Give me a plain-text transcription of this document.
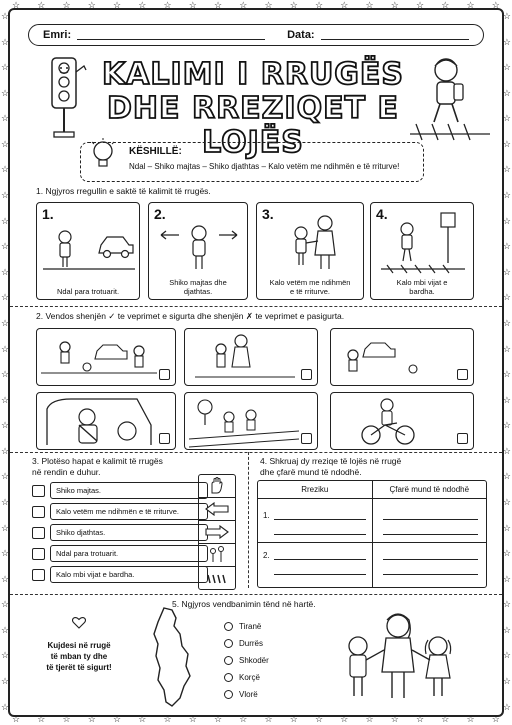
☆ ☆ ☆ ☆ ☆ ☆ ☆ ☆ ☆ ☆ ☆ ☆ ☆ ☆ ☆ ☆ ☆ ☆ ☆ ☆
☆ ☆ ☆ ☆ ☆ ☆ ☆ ☆ ☆ ☆ ☆ ☆ ☆ ☆ ☆ ☆ ☆ ☆ ☆ ☆
☆
☆
☆
☆
☆
☆
☆
☆
☆
☆
☆
☆
☆
☆
☆
☆
☆
☆
☆
☆
☆
☆
☆
☆
☆
☆
☆
☆
☆
☆
☆
☆
☆
☆
☆
☆
☆
☆
☆
☆
☆
☆
☆
☆
☆
☆
☆
☆
☆
☆
☆
☆
☆
☆
☆
☆
Emri:	Data:
KALIMI I RRUGËS
DHE RREZIQET E LOJËS
KËSHILLË:
Ndal – Shiko majtas – Shiko djathtas – Kalo vetëm me ndihmën e të rriturve!
1. Ngjyros rregullin e saktë të kalimit të rrugës.
1.
Ndal para trotuarit.
2.
Shiko majtas dhe djathtas.
3.
Kalo vetëm me ndihmën e të rriturve.
4.
Kalo mbi vijat e bardha.
2. Vendos shenjën ✓ te veprimet e sigurta dhe shenjën ✗ te veprimet e pasigurta.
3. Plotëso hapat e kalimit të rrugës
në rendin e duhur.
Shiko majtas.
Kalo vetëm me ndihmën e të rriturve.
Shiko djathtas.
Ndal para trotuarit.
Kalo mbi vijat e bardha.
4. Shkruaj dy rreziqe të lojës në rrugë
dhe çfarë mund të ndodhë.
Rreziku	Çfarë mund të ndodhë
1.
2.
5. Ngjyros vendbanimin tënd në hartë.
Kujdesi në rrugë
të mban ty dhe
të tjerët të sigurt!
Tiranë
Durrës
Shkodër
Korçë
Vlorë
